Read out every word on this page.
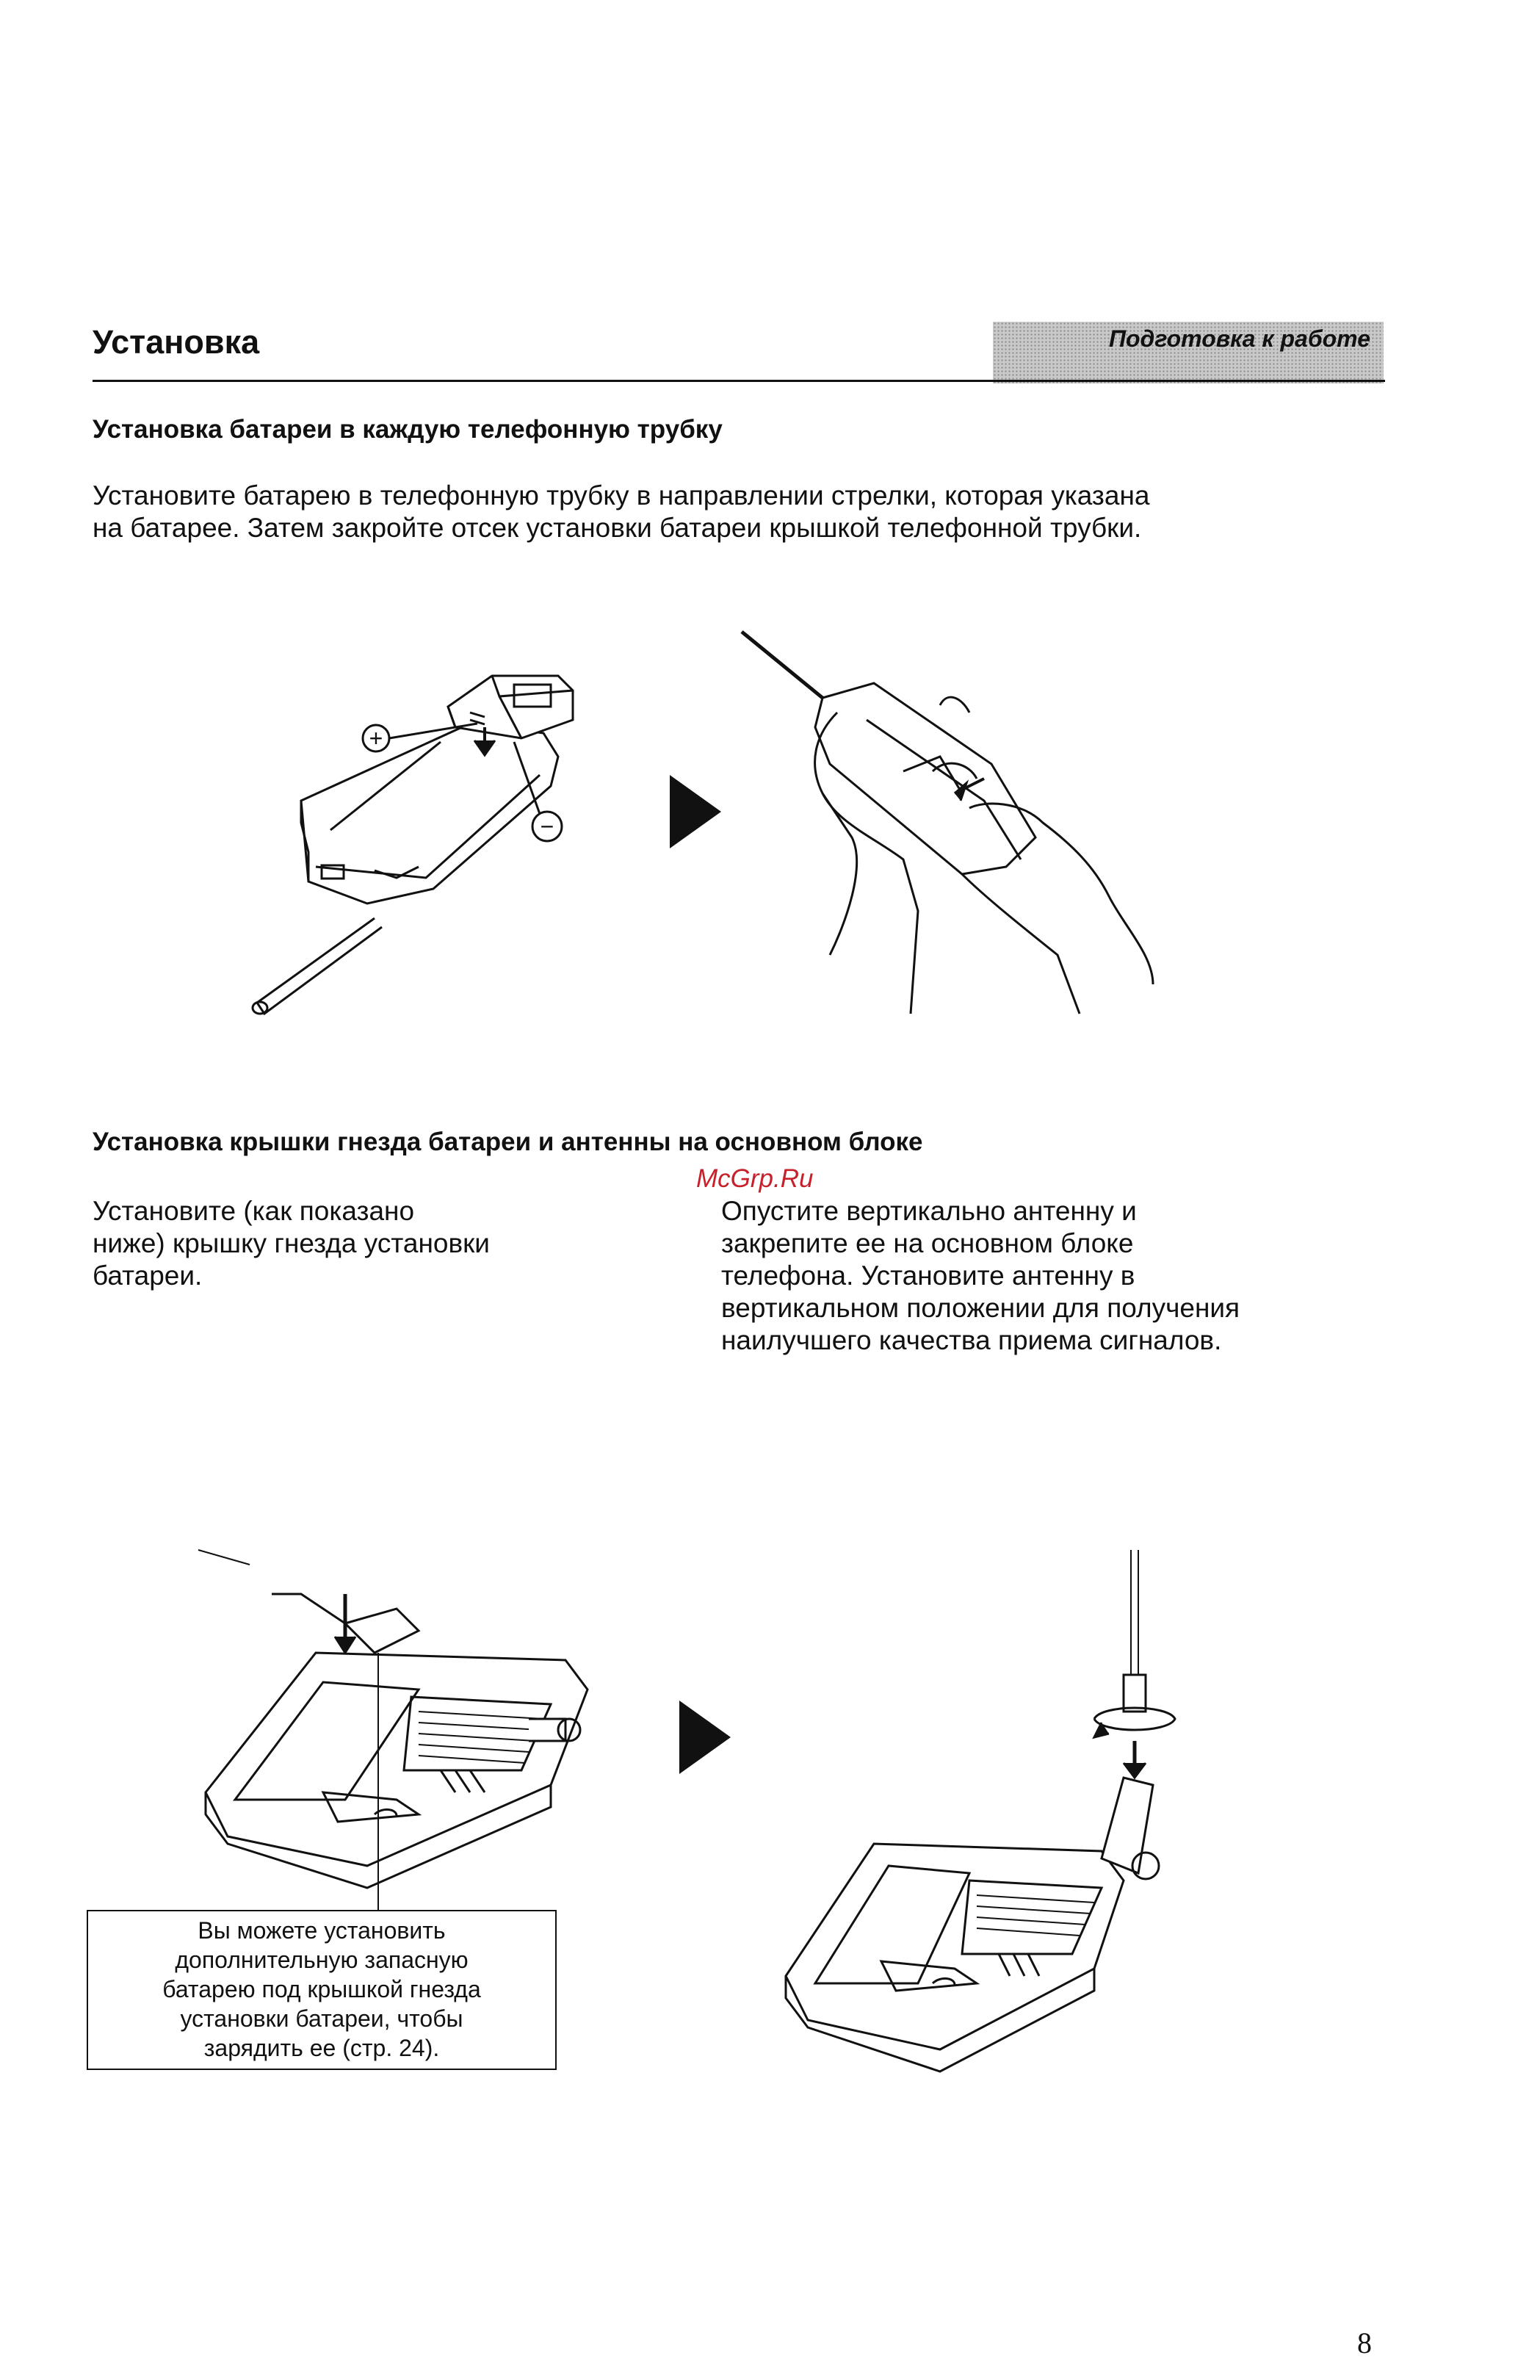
Установка	Подготовка к работе
Установка батареи в каждую телефонную трубку
Установите батарею в телефонную трубку в направлении стрелки, которая указана
на батарее. Затем закройте отсек установки батареи крышкой телефонной трубки.
+
−
Установка крышки гнезда батареи и антенны на основном блоке
McGrp.Ru
Установите (как показано
ниже) крышку гнезда установки
батареи.
Опустите вертикально антенну и
закрепите ее на основном блоке
телефона. Установите антенну в
вертикальном положении для получения
наилучшего качества приема сигналов.
Вы можете установить
дополнительную запасную
батарею под крышкой гнезда
установки батареи, чтобы
зарядить ее (стр. 24).
8
